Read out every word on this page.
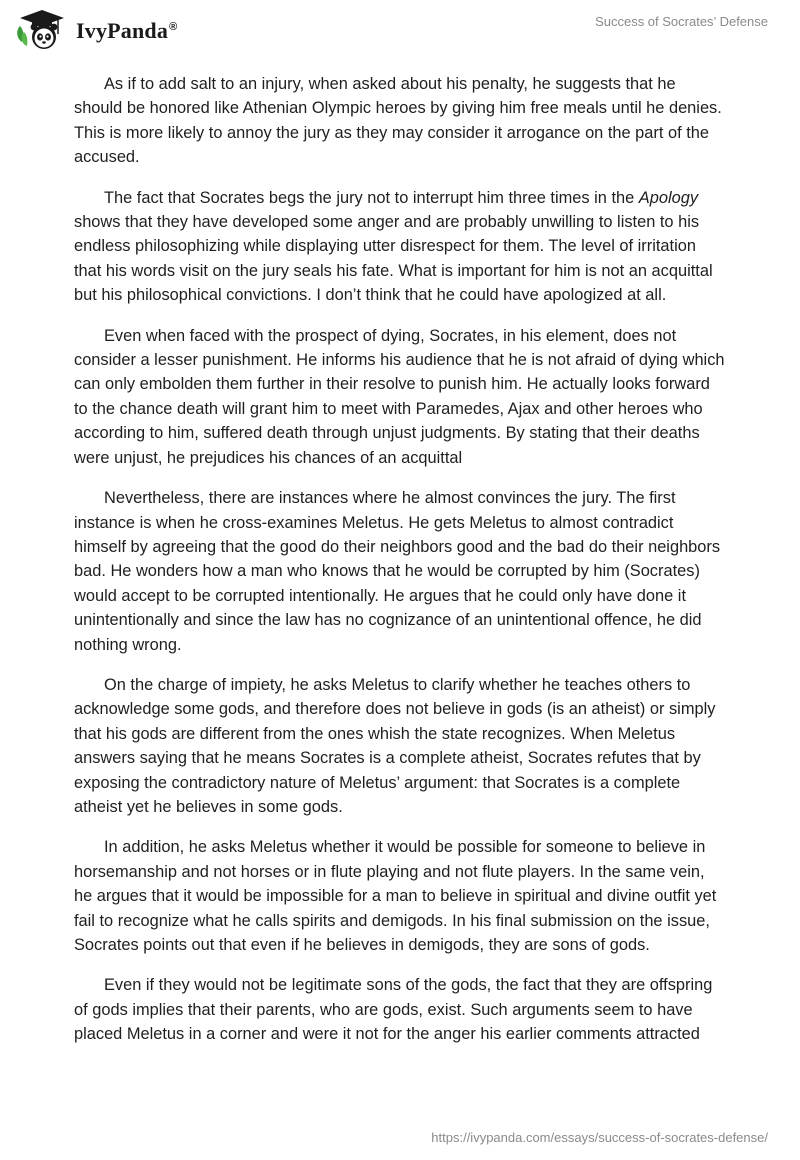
IvyPanda®	Success of Socrates’ Defense

As if to add salt to an injury, when asked about his penalty, he suggests that he should be honored like Athenian Olympic heroes by giving him free meals until he denies. This is more likely to annoy the jury as they may consider it arrogance on the part of the accused.

The fact that Socrates begs the jury not to interrupt him three times in the Apology shows that they have developed some anger and are probably unwilling to listen to his endless philosophizing while displaying utter disrespect for them. The level of irritation that his words visit on the jury seals his fate. What is important for him is not an acquittal but his philosophical convictions. I don’t think that he could have apologized at all.

Even when faced with the prospect of dying, Socrates, in his element, does not consider a lesser punishment. He informs his audience that he is not afraid of dying which can only embolden them further in their resolve to punish him. He actually looks forward to the chance death will grant him to meet with Paramedes, Ajax and other heroes who according to him, suffered death through unjust judgments. By stating that their deaths were unjust, he prejudices his chances of an acquittal

Nevertheless, there are instances where he almost convinces the jury. The first instance is when he cross-examines Meletus. He gets Meletus to almost contradict himself by agreeing that the good do their neighbors good and the bad do their neighbors bad. He wonders how a man who knows that he would be corrupted by him (Socrates) would accept to be corrupted intentionally. He argues that he could only have done it unintentionally and since the law has no cognizance of an unintentional offence, he did nothing wrong.

On the charge of impiety, he asks Meletus to clarify whether he teaches others to acknowledge some gods, and therefore does not believe in gods (is an atheist) or simply that his gods are different from the ones whish the state recognizes. When Meletus answers saying that he means Socrates is a complete atheist, Socrates refutes that by exposing the contradictory nature of Meletus’ argument: that Socrates is a complete atheist yet he believes in some gods.

In addition, he asks Meletus whether it would be possible for someone to believe in horsemanship and not horses or in flute playing and not flute players. In the same vein, he argues that it would be impossible for a man to believe in spiritual and divine outfit yet fail to recognize what he calls spirits and demigods. In his final submission on the issue, Socrates points out that even if he believes in demigods, they are sons of gods.

Even if they would not be legitimate sons of the gods, the fact that they are offspring of gods implies that their parents, who are gods, exist. Such arguments seem to have placed Meletus in a corner and were it not for the anger his earlier comments attracted

https://ivypanda.com/essays/success-of-socrates-defense/
